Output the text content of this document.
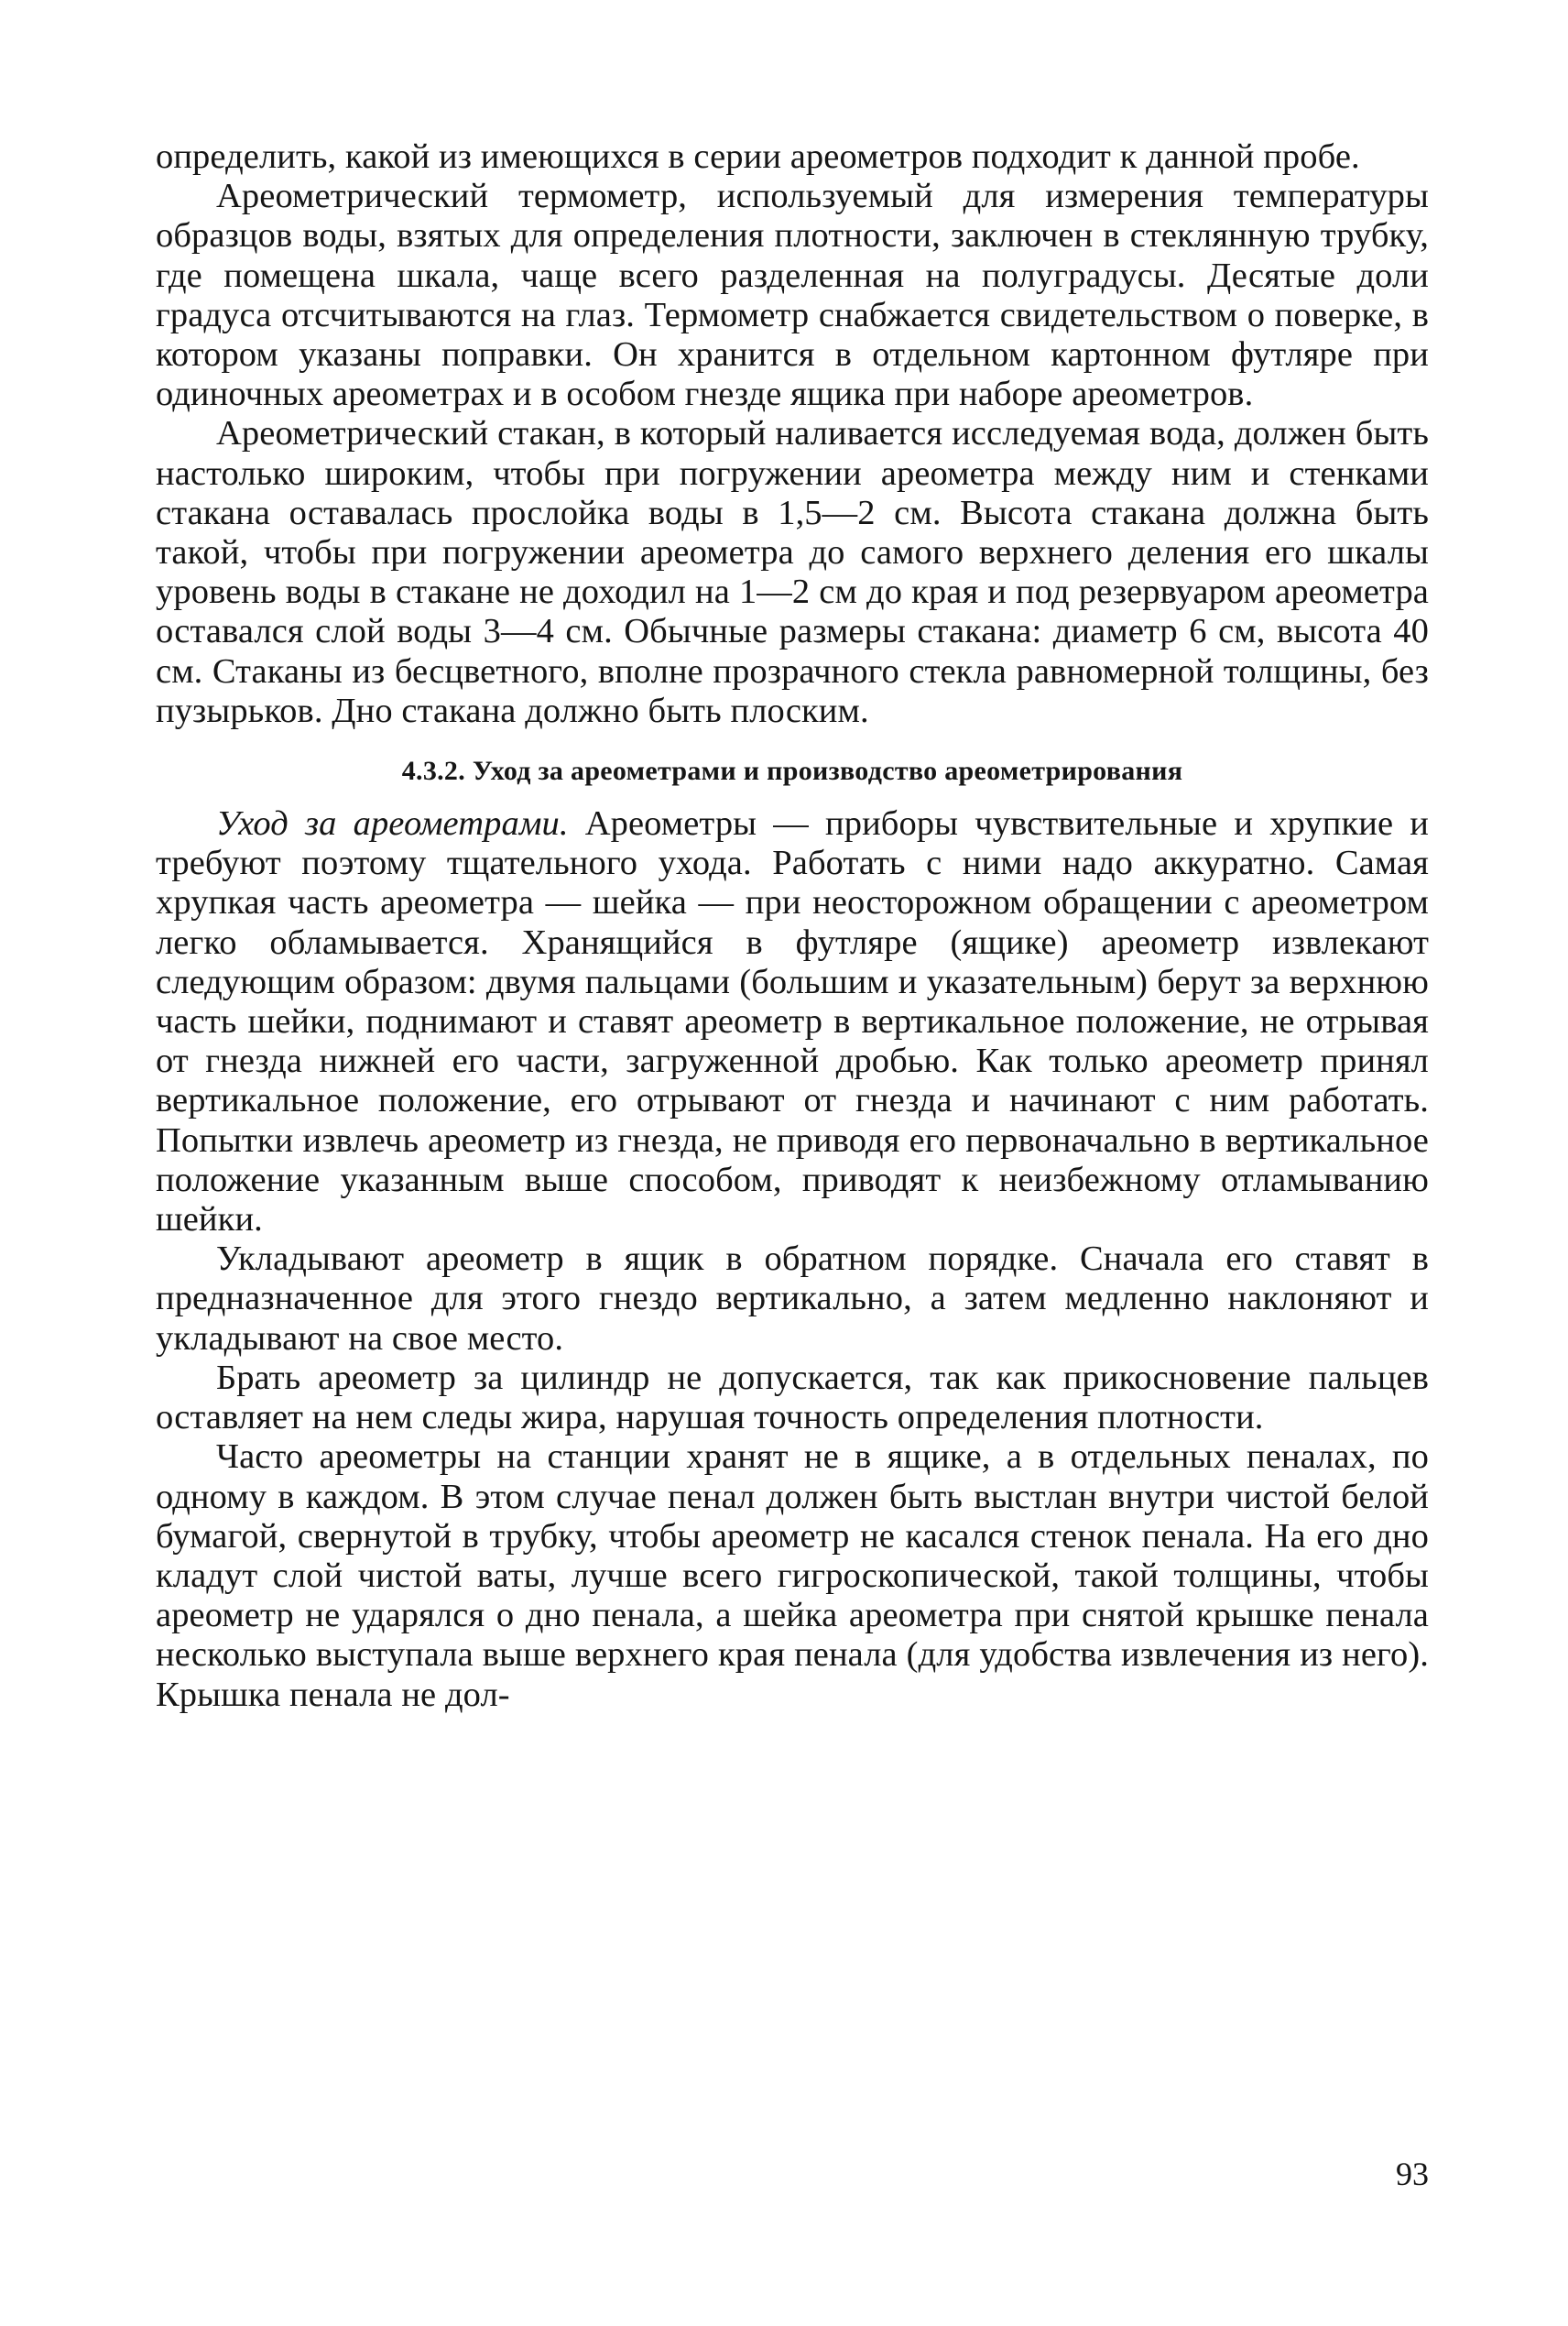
определить, какой из имеющихся в серии ареометров подходит к данной пробе.

Ареометрический термометр, используемый для измерения температуры образцов воды, взятых для определения плотности, заключен в стеклянную трубку, где помещена шкала, чаще всего разделенная на полуградусы. Десятые доли градуса отсчитываются на глаз. Термометр снабжается свидетельством о поверке, в котором указаны поправки. Он хранится в отдельном картонном футляре при одиночных ареометрах и в особом гнезде ящика при наборе ареометров.

Ареометрический стакан, в который наливается исследуемая вода, должен быть настолько широким, чтобы при погружении ареометра между ним и стенками стакана оставалась прослойка воды в 1,5—2 см. Высота стакана должна быть такой, чтобы при погружении ареометра до самого верхнего деления его шкалы уровень воды в стакане не доходил на 1—2 см до края и под резервуаром ареометра оставался слой воды 3—4 см. Обычные размеры стакана: диаметр 6 см, высота 40 см. Стаканы из бесцветного, вполне прозрачного стекла равномерной толщины, без пузырьков. Дно стакана должно быть плоским.

4.3.2. Уход за ареометрами и производство ареометрирования

Уход за ареометрами. Ареометры — приборы чувствительные и хрупкие и требуют поэтому тщательного ухода. Работать с ними надо аккуратно. Самая хрупкая часть ареометра — шейка — при неосторожном обращении с ареометром легко обламывается. Хранящийся в футляре (ящике) ареометр извлекают следующим образом: двумя пальцами (большим и указательным) берут за верхнюю часть шейки, поднимают и ставят ареометр в вертикальное положение, не отрывая от гнезда нижней его части, загруженной дробью. Как только ареометр принял вертикальное положение, его отрывают от гнезда и начинают с ним работать. Попытки извлечь ареометр из гнезда, не приводя его первоначально в вертикальное положение указанным выше способом, приводят к неизбежному отламыванию шейки.

Укладывают ареометр в ящик в обратном порядке. Сначала его ставят в предназначенное для этого гнездо вертикально, а затем медленно наклоняют и укладывают на свое место.

Брать ареометр за цилиндр не допускается, так как прикосновение пальцев оставляет на нем следы жира, нарушая точность определения плотности.

Часто ареометры на станции хранят не в ящике, а в отдельных пеналах, по одному в каждом. В этом случае пенал должен быть выстлан внутри чистой белой бумагой, свернутой в трубку, чтобы ареометр не касался стенок пенала. На его дно кладут слой чистой ваты, лучше всего гигроскопической, такой толщины, чтобы ареометр не ударялся о дно пенала, а шейка ареометра при снятой крышке пенала несколько выступала выше верхнего края пенала (для удобства извлечения из него). Крышка пенала не дол-

93
